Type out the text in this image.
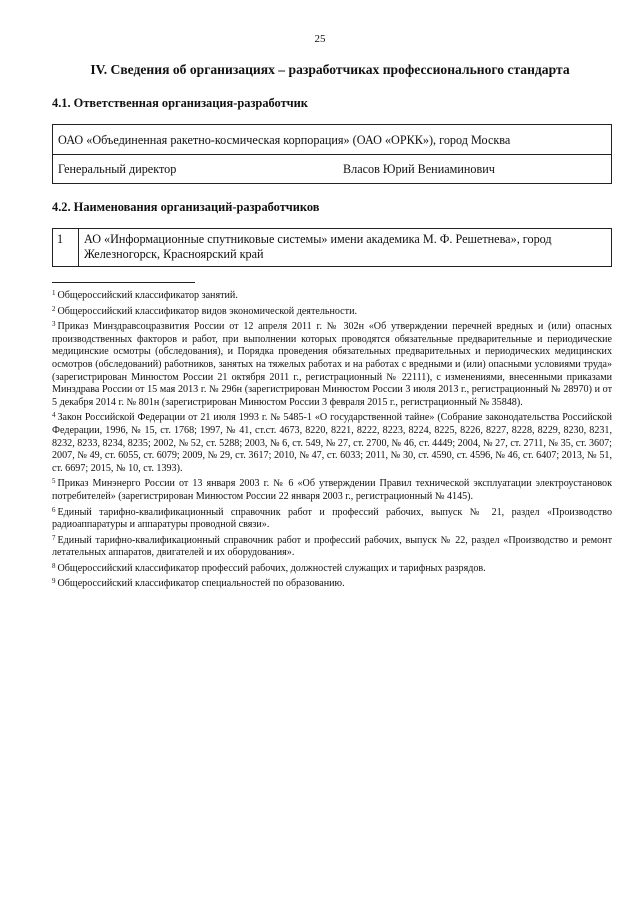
25
IV. Сведения об организациях – разработчиках профессионального стандарта
4.1. Ответственная организация-разработчик
ОАО «Объединенная ракетно-космическая корпорация» (ОАО «ОРКК»), город Москва
Генеральный директор	Власов Юрий Вениаминович
4.2. Наименования организаций-разработчиков
1	АО «Информационные спутниковые системы» имени академика М. Ф. Решетнева», город Железногорск, Красноярский край

$^1$ Общероссийский классификатор занятий.

$^2$ Общероссийский классификатор видов экономической деятельности.

$^3$ Приказ Минздравсоцразвития России от 12 апреля 2011 г. № 302н «Об утверждении перечней вредных и (или) опасных производственных факторов и работ, при выполнении которых проводятся обязательные предварительные и периодические медицинские осмотры (обследования), и Порядка проведения обязательных предварительных и периодических медицинских осмотров (обследований) работников, занятых на тяжелых работах и на работах с вредными и (или) опасными условиями труда» (зарегистрирован Минюстом России 21 октября 2011 г., регистрационный № 22111), с изменениями, внесенными приказами Минздрава России от 15 мая 2013 г. № 296н (зарегистрирован Минюстом России 3 июля 2013 г., регистрационный № 28970) и от 5 декабря 2014 г. № 801н (зарегистрирован Минюстом России 3 февраля 2015 г., регистрационный № 35848).

$^4$ Закон Российской Федерации от 21 июля 1993 г. № 5485-1 «О государственной тайне» (Собрание законодательства Российской Федерации, 1996, № 15, ст. 1768; 1997, № 41, ст.ст. 4673, 8220, 8221, 8222, 8223, 8224, 8225, 8226, 8227, 8228, 8229, 8230, 8231, 8232, 8233, 8234, 8235; 2002, № 52, ст. 5288; 2003, № 6, ст. 549, № 27, ст. 2700, № 46, ст. 4449; 2004, № 27, ст. 2711, № 35, ст. 3607; 2007, № 49, ст. 6055, ст. 6079; 2009, № 29, ст. 3617; 2010, № 47, ст. 6033; 2011, № 30, ст. 4590, ст. 4596, № 46, ст. 6407; 2013, № 51, ст. 6697; 2015, № 10, ст. 1393).

$^5$ Приказ Минэнерго России от 13 января 2003 г. № 6 «Об утверждении Правил технической эксплуатации электроустановок потребителей» (зарегистрирован Минюстом России 22 января 2003 г., регистрационный № 4145).

$^6$ Единый тарифно-квалификационный справочник работ и профессий рабочих, выпуск № 21, раздел «Производство радиоаппаратуры и аппаратуры проводной связи».

$^7$ Единый тарифно-квалификационный справочник работ и профессий рабочих, выпуск № 22, раздел «Производство и ремонт летательных аппаратов, двигателей и их оборудования».

$^8$ Общероссийский классификатор профессий рабочих, должностей служащих и тарифных разрядов.

$^9$ Общероссийский классификатор специальностей по образованию.
